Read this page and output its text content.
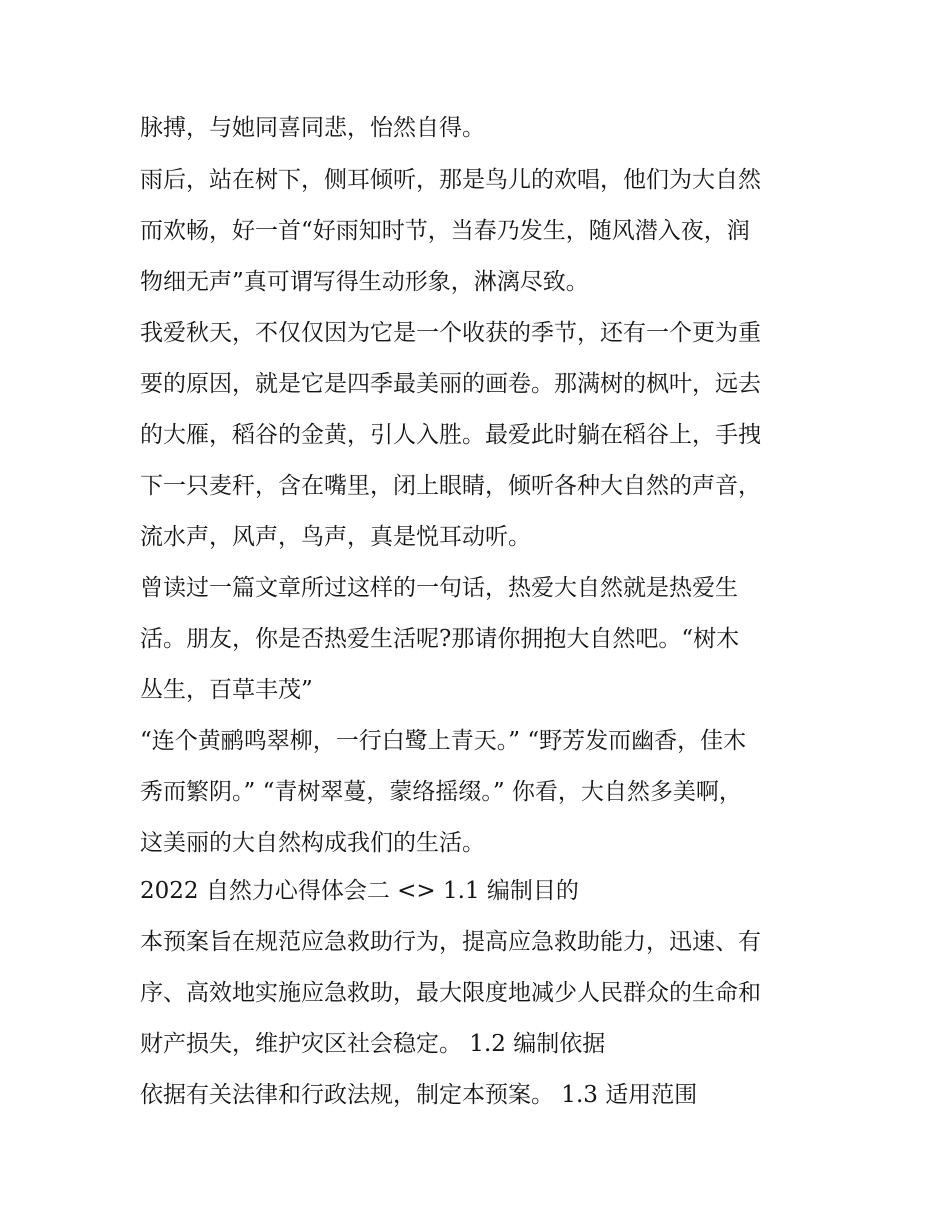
脉搏，与她同喜同悲，怡然自得。

雨后，站在树下，侧耳倾听，那是鸟儿的欢唱，他们为大自然

而欢畅，好一首“好雨知时节，当春乃发生，随风潜入夜，润

物细无声”真可谓写得生动形象，淋漓尽致。

我爱秋天，不仅仅因为它是一个收获的季节，还有一个更为重

要的原因，就是它是四季最美丽的画卷。那满树的枫叶，远去

的大雁，稻谷的金黄，引人入胜。最爱此时躺在稻谷上，手拽

下一只麦秆，含在嘴里，闭上眼睛，倾听各种大自然的声音，

流水声，风声，鸟声，真是悦耳动听。

曾读过一篇文章所过这样的一句话，热爱大自然就是热爱生

活。朋友，你是否热爱生活呢?那请你拥抱大自然吧。“树木

丛生，百草丰茂”

“连个黄鹂鸣翠柳，一行白鹭上青天。” “野芳发而幽香，佳木

秀而繁阴。” “青树翠蔓，蒙络摇缀。” 你看，大自然多美啊，

这美丽的大自然构成我们的生活。

2022 自然力心得体会二 <> 1.1 编制目的

本预案旨在规范应急救助行为，提高应急救助能力，迅速、有

序、高效地实施应急救助，最大限度地减少人民群众的生命和

财产损失，维护灾区社会稳定。 1.2 编制依据

依据有关法律和行政法规，制定本预案。 1.3 适用范围
